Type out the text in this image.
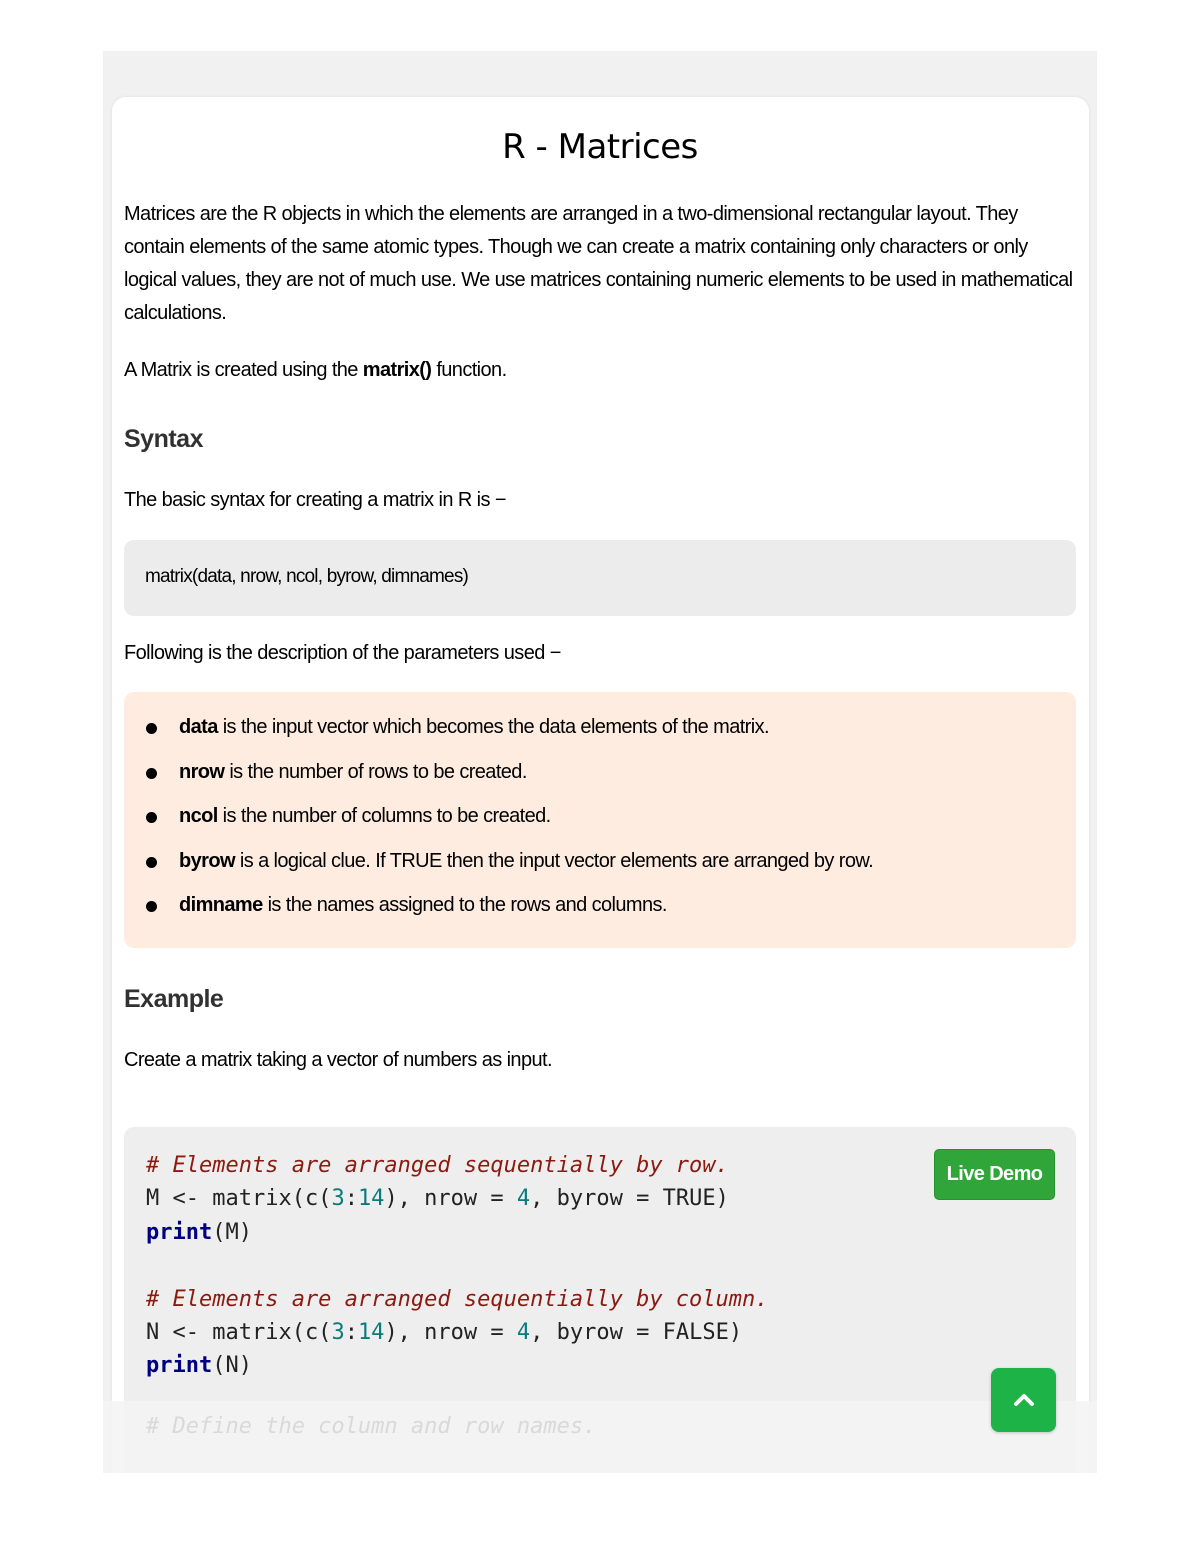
R - Matrices

Matrices are the R objects in which the elements are arranged in a two-dimensional rectangular layout. They contain elements of the same atomic types. Though we can create a matrix containing only characters or only logical values, they are not of much use. We use matrices containing numeric elements to be used in mathematical calculations.

A Matrix is created using the matrix() function.

Syntax

The basic syntax for creating a matrix in R is −

matrix(data, nrow, ncol, byrow, dimnames)

Following is the description of the parameters used −

data is the input vector which becomes the data elements of the matrix.
nrow is the number of rows to be created.
ncol is the number of columns to be created.
byrow is a logical clue. If TRUE then the input vector elements are arranged by row.
dimname is the names assigned to the rows and columns.
Example

Create a matrix taking a vector of numbers as input.

# Elements are arranged sequentially by row.
M <- matrix(c(3:14), nrow = 4, byrow = TRUE)
print(M)

# Elements are arranged sequentially by column.
N <- matrix(c(3:14), nrow = 4, byrow = FALSE)
print(N)
Live Demo
# Define the column and row names.
